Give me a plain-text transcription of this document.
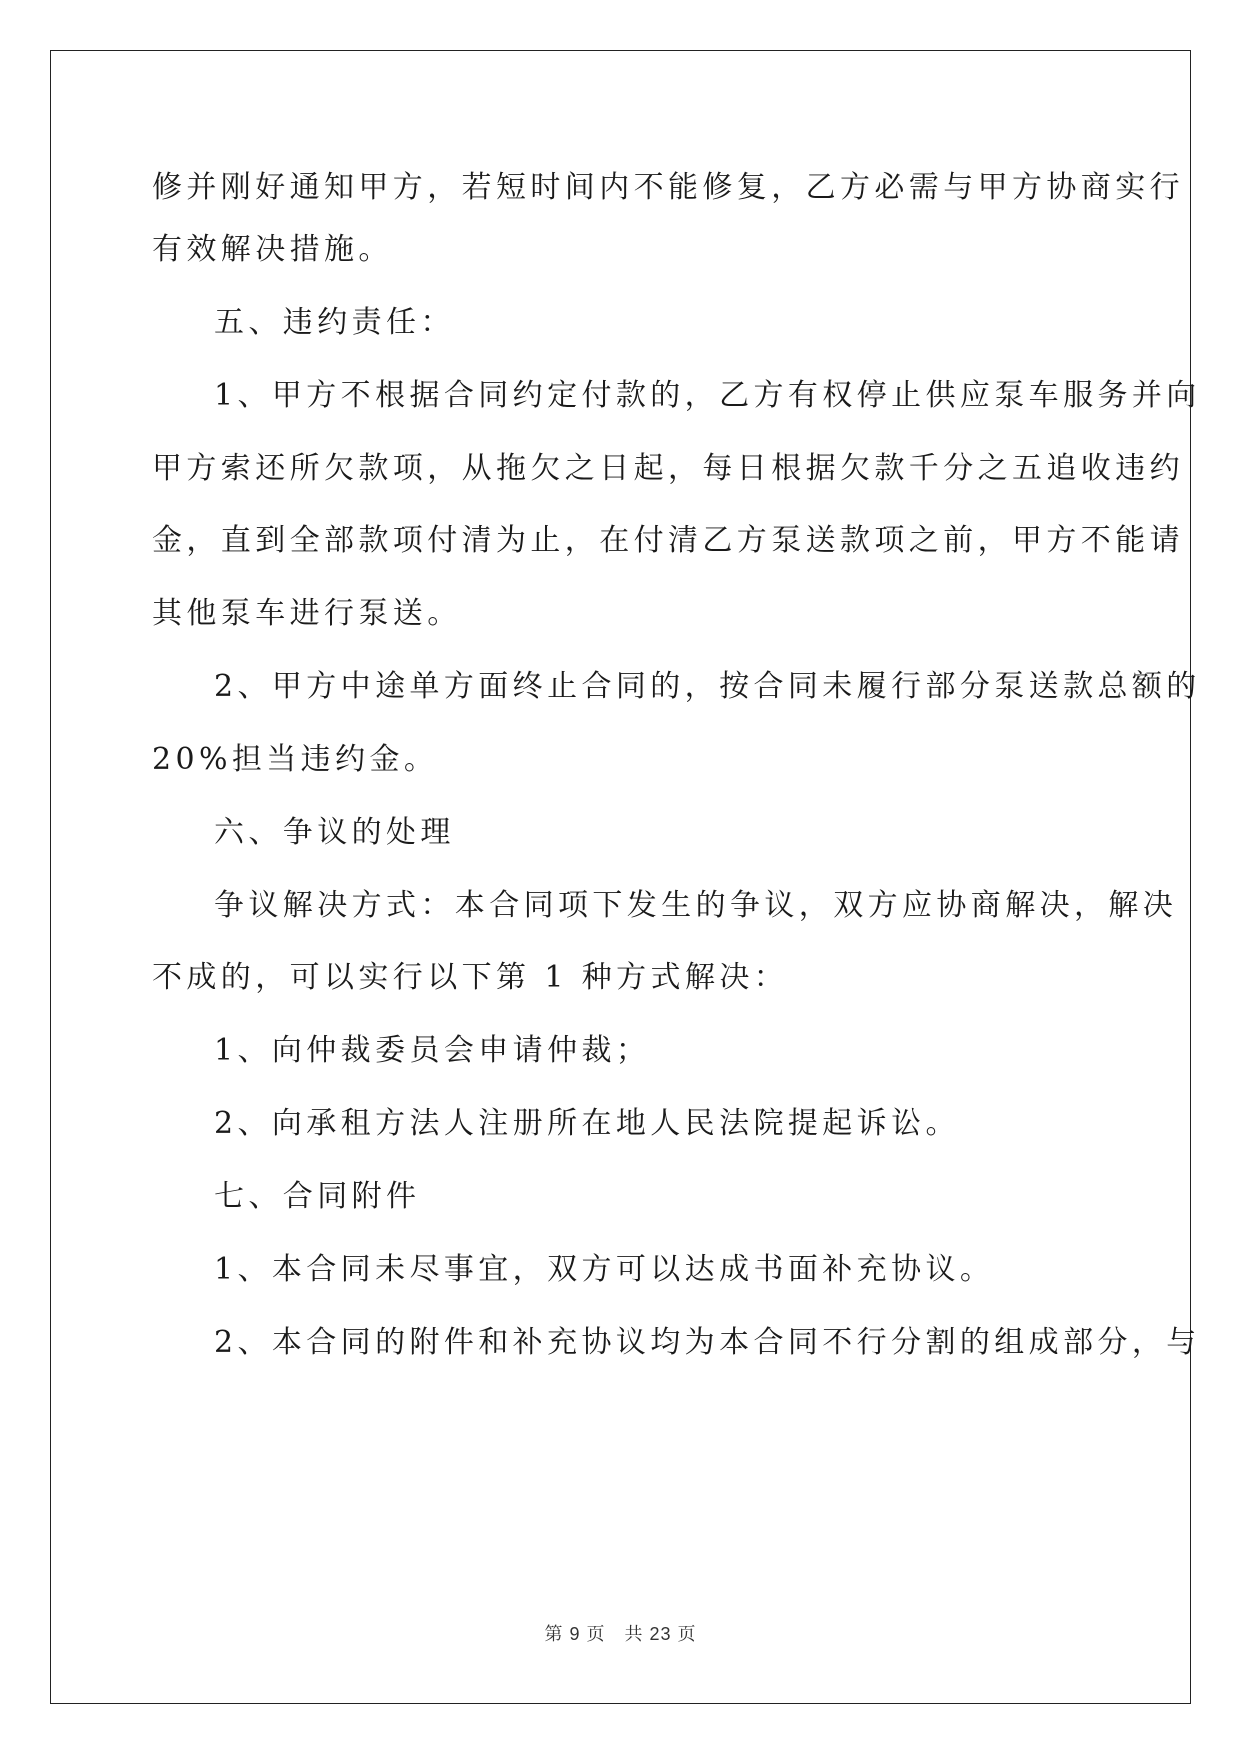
修并刚好通知甲方，若短时间内不能修复，乙方必需与甲方协商实行
有效解决措施。
五、违约责任：
1、甲方不根据合同约定付款的，乙方有权停止供应泵车服务并向
甲方索还所欠款项，从拖欠之日起，每日根据欠款千分之五追收违约
金，直到全部款项付清为止，在付清乙方泵送款项之前，甲方不能请
其他泵车进行泵送。
2、甲方中途单方面终止合同的，按合同未履行部分泵送款总额的
20%担当违约金。
六、争议的处理
争议解决方式：本合同项下发生的争议，双方应协商解决，解决
不成的，可以实行以下第 1 种方式解决：
1、向仲裁委员会申请仲裁；
2、向承租方法人注册所在地人民法院提起诉讼。
七、合同附件
1、本合同未尽事宜，双方可以达成书面补充协议。
2、本合同的附件和补充协议均为本合同不行分割的组成部分，与
第 9 页　共 23 页
